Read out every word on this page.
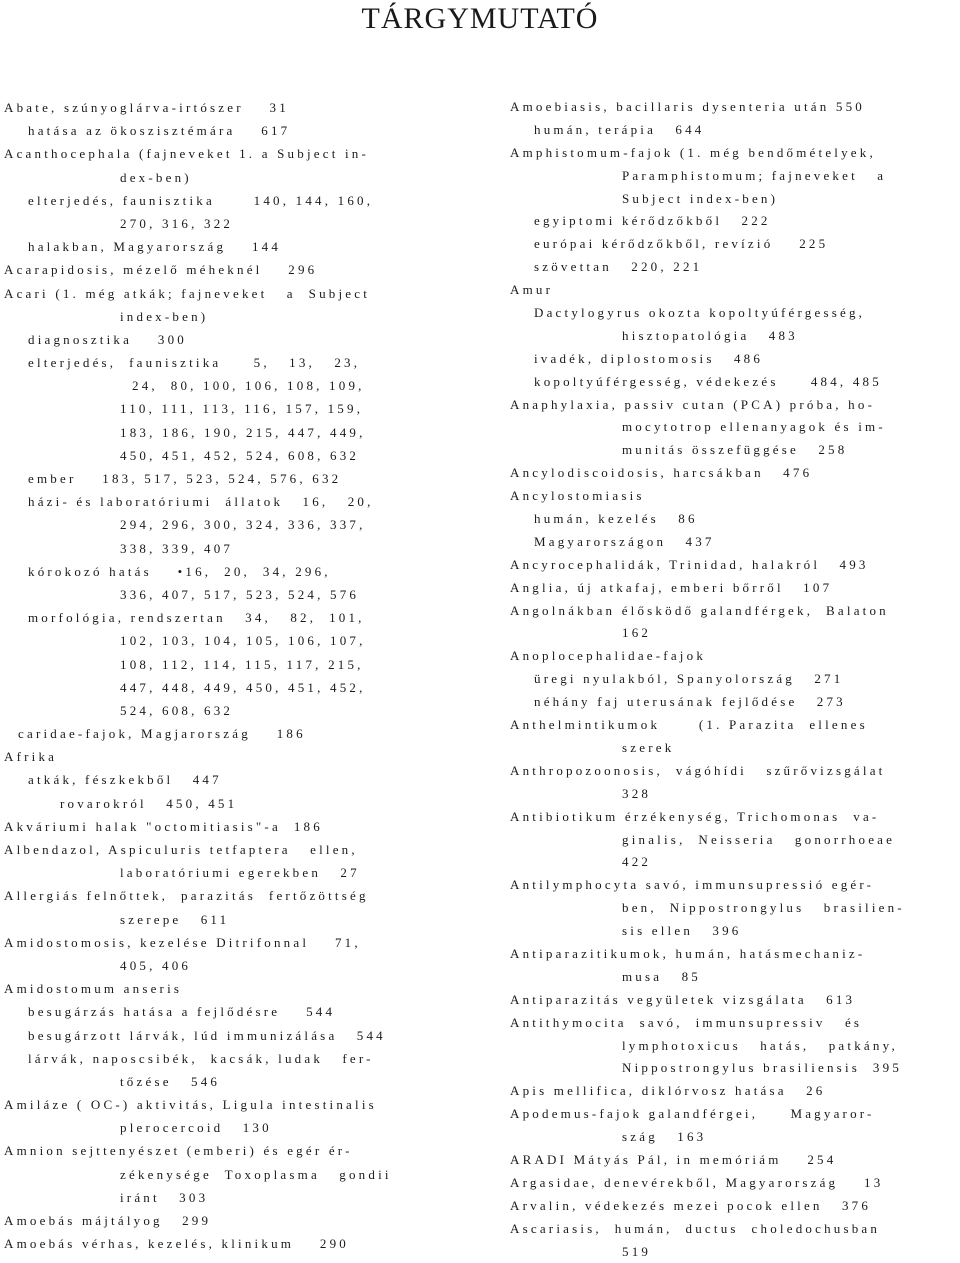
TÁRGYMUTATÓ
Abate, szúnyoglárva-irtószer    31
hatása az ökoszisztémára    617
Acanthocephala (fajneveket 1. a Subject in-
dex-ben)
elterjedés, faunisztika      140, 144, 160,
270, 316, 322
halakban, Magyarország    144
Acarapidosis, mézelő méheknél    296
Acari (1. még atkák; fajneveket   a  Subject
index-ben)
diagnosztika    300
elterjedés,  faunisztika     5,   13,   23,
24,  80, 100, 106, 108, 109,
110, 111, 113, 116, 157, 159,
183, 186, 190, 215, 447, 449,
450, 451, 452, 524, 608, 632
ember    183, 517, 523, 524, 576, 632
házi- és laboratóriumi  állatok   16,   20,
294, 296, 300, 324, 336, 337,
338, 339, 407
kórokozó hatás    •16,  20,  34, 296,
336, 407, 517, 523, 524, 576
morfológia, rendszertan   34,   82,  101,
102, 103, 104, 105, 106, 107,
108, 112, 114, 115, 117, 215,
447, 448, 449, 450, 451, 452,
524, 608, 632
caridae-fajok, Magjarország    186
Afrika
atkák, fészkekből   447
rovarokról   450, 451
Akváriumi halak "octomitiasis"-a  186
Albendazol, Aspiculuris tetfaptera   ellen,
laboratóriumi egerekben   27
Allergiás felnőttek,  parazitás  fertőzöttség
szerepe   611
Amidostomosis, kezelése Ditrifonnal    71,
405, 406
Amidostomum anseris
besugárzás hatása a fejlődésre    544
besugárzott lárvák, lúd immunizálása   544
lárvák, naposcsibék,  kacsák, ludak   fer-
tőzése   546
Amiláze ( OC-) aktivitás, Ligula intestinalis
plerocercoid   130
Amnion sejttenyészet (emberi) és egér ér-
zékenysége  Toxoplasma   gondii
iránt   303
Amoebás májtályog   299
Amoebás vérhas, kezelés, klinikum    290
Amoebiasis, bacillaris dysenteria után 550
humán, terápia   644
Amphistomum-fajok (1. még bendőmételyek,
Paramphistomum; fajneveket   a
Subject index-ben)
egyiptomi kérődzőkből   222
európai kérődzőkből, revízió    225
szövettan   220, 221
Amur
Dactylogyrus okozta kopoltyúférgesség,
hisztopatológia   483
ivadék, diplostomosis   486
kopoltyúférgesség, védekezés     484, 485
Anaphylaxia, passiv cutan (PCA) próba, ho-
mocytotrop ellenanyagok és im-
munitás összefüggése   258
Ancylodiscoidosis, harcsákban   476
Ancylostomiasis
humán, kezelés   86
Magyarországon   437
Ancyrocephalidák, Trinidad, halakról   493
Anglia, új atkafaj, emberi bőrről   107
Angolnákban élősködő galandférgek,  Balaton
162
Anoplocephalidae-fajok
üregi nyulakból, Spanyolország   271
néhány faj uterusának fejlődése   273
Anthelmintikumok      (1. Parazita  ellenes
szerek
Anthropozoonosis,  vágóhídi   szűrővizsgálat
328
Antibiotikum érzékenység, Trichomonas  va-
ginalis,  Neisseria   gonorrhoeae
422
Antilymphocyta savó, immunsupressió egér-
ben,  Nippostrongylus   brasilien-
sis ellen   396
Antiparazitikumok, humán, hatásmechaniz-
musa   85
Antiparazitás vegyületek vizsgálata   613
Antithymocita  savó,  immunsupressiv   és
lymphotoxicus   hatás,   patkány,
Nippostrongylus brasiliensis  395
Apis mellifica, diklórvosz hatása   26
Apodemus-fajok galandférgei,     Magyaror-
szág   163
ARADI Mátyás Pál, in memóriám    254
Argasidae, denevérekből, Magyarország    13
Arvalin, védekezés mezei pocok ellen   376
Ascariasis,  humán,  ductus  choledochusban
519
